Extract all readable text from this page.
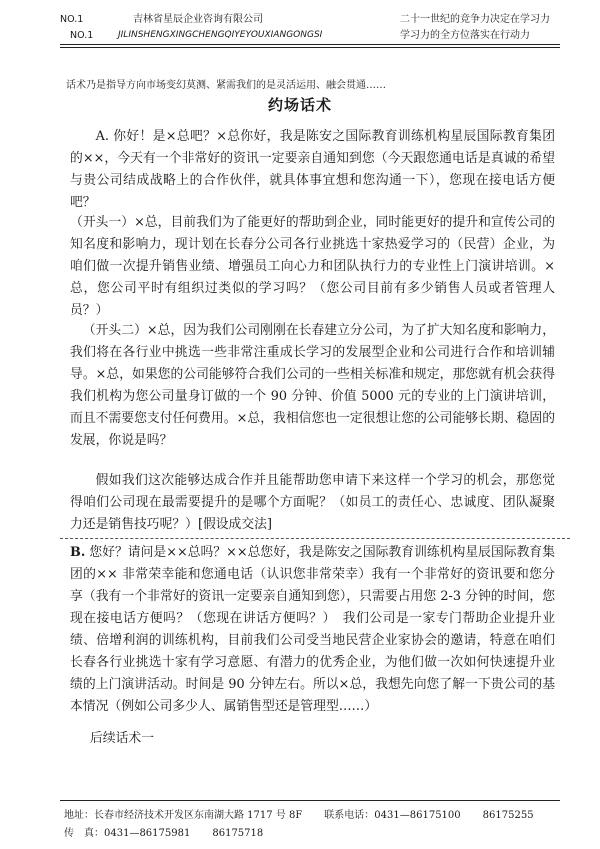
NO.1	吉林省星辰企业咨询有限公司	二十一世纪的竞争力决定在学习力
NO.1	JILINSHENGXINGCHENGQIYEYOUXIANGONGSI	学习力的全方位落实在行动力
话术乃是指导方向市场变幻莫测、紧需我们的是灵活运用、融会贯通……
约场话术

A. 你好！是×总吧？×总你好，我是陈安之国际教育训练机构星辰国际教育集团的××，今天有一个非常好的资讯一定要亲自通知到您（今天跟您通电话是真诚的希望与贵公司结成战略上的合作伙伴，就具体事宜想和您沟通一下），您现在接电话方便吧？

（开头一）×总，目前我们为了能更好的帮助到企业，同时能更好的提升和宣传公司的知名度和影响力，现计划在长春分公司各行业挑选十家热爱学习的（民营）企业，为咱们做一次提升销售业绩、增强员工向心力和团队执行力的专业性上门演讲培训。×总，您公司平时有组织过类似的学习吗？（您公司目前有多少销售人员或者管理人员？）

（开头二）×总，因为我们公司刚刚在长春建立分公司，为了扩大知名度和影响力，我们将在各行业中挑选一些非常注重成长学习的发展型企业和公司进行合作和培训辅导。×总，如果您的公司能够符合我们公司的一些相关标准和规定，那您就有机会获得我们机构为您公司量身订做的一个 90 分钟、价值 5000 元的专业的上门演讲培训，而且不需要您支付任何费用。×总，我相信您也一定很想让您的公司能够长期、稳固的发展，你说是吗？

假如我们这次能够达成合作并且能帮助您申请下来这样一个学习的机会，那您觉得咱们公司现在最需要提升的是哪个方面呢？（如员工的责任心、忠诚度、团队凝聚力还是销售技巧呢？）[假设成交法]

B. 您好？请问是××总吗？××总您好，我是陈安之国际教育训练机构星辰国际教育集团的×× 非常荣幸能和您通电话（认识您非常荣幸）我有一个非常好的资讯要和您分享（我有一个非常好的资讯一定要亲自通知到您），只需要占用您 2-3 分钟的时间，您现在接电话方便吗？（您现在讲话方便吗？）　我们公司是一家专门帮助企业提升业绩、倍增利润的训练机构，目前我们公司受当地民营企业家协会的邀请，特意在咱们长春各行业挑选十家有学习意愿、有潜力的优秀企业，为他们做一次如何快速提升业绩的上门演讲活动。时间是 90 分钟左右。所以×总，我想先向您了解一下贵公司的基本情况（例如公司多少人、属销售型还是管理型……）

后续话术一
地址：长春市经济技术开发区东南湖大路 1717 号 8F 联系电话：0431—86175100 86175255
传　真：0431—86175981 86175718
